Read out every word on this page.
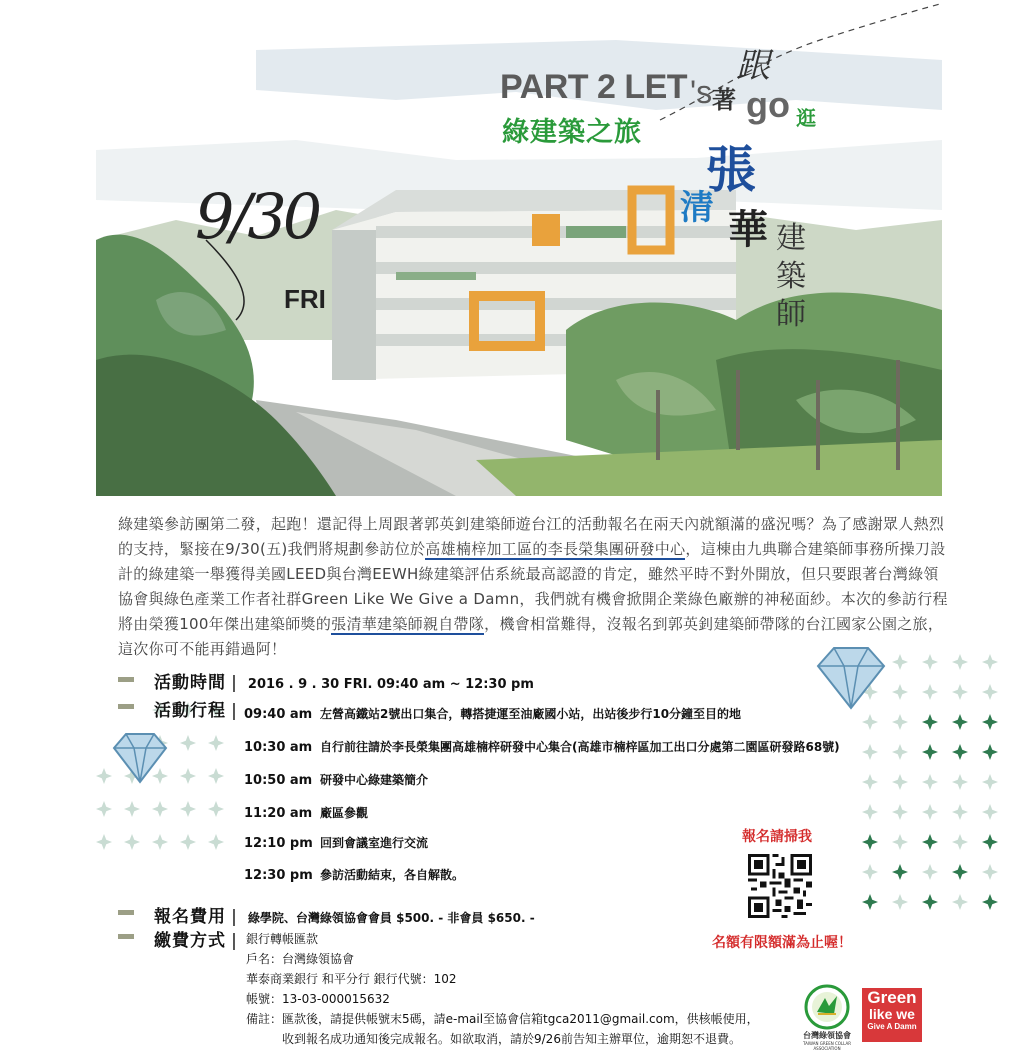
PART 2 LET 's
跟
著 go 逛
綠建築之旅
張
清 華 建築師
9/30
FRI
綠建築參訪團第二發，起跑！還記得上周跟著郭英釗建築師遊台江的活動報名在兩天內就額滿的盛況嗎？為了感謝眾人熱烈的支持，緊接在9/30(五)我們將規劃參訪位於高雄楠梓加工區的李長榮集團研發中心，這棟由九典聯合建築師事務所操刀設計的綠建築一舉獲得美國LEED與台灣EEWH綠建築評估系統最高認證的肯定，雖然平時不對外開放，但只要跟著台灣綠領協會與綠色產業工作者社群Green Like We Give a Damn，我們就有機會掀開企業綠色廠辦的神秘面紗。本次的參訪行程將由榮獲100年傑出建築師獎的張清華建築師親自帶隊，機會相當難得，沒報名到郭英釗建築師帶隊的台江國家公園之旅，這次你可不能再錯過阿！
活動時間 | 2016 . 9 . 30 FRI. 09:40 am ~ 12:30 pm
活動行程 | 09:40 am 左營高鐵站2號出口集合，轉搭捷運至油廠國小站，出站後步行10分鐘至目的地
10:30 am 自行前往請於李長榮集團高雄楠梓研發中心集合(高雄市楠梓區加工出口分處第二園區研發路68號)
10:50 am 研發中心綠建築簡介
11:20 am 廠區參觀
12:10 pm 回到會議室進行交流
12:30 pm 參訪活動結束，各自解散。
報名費用 | 綠學院、台灣綠領協會會員 $500. - 非會員 $650. -
繳費方式 | 銀行轉帳匯款
戶名：台灣綠領協會
華泰商業銀行 和平分行 銀行代號：102
帳號：13-03-000015632
備註：匯款後，請提供帳號末5碼，請e-mail至協會信箱tgca2011@gmail.com，供核帳使用，
收到報名成功通知後完成報名。如欲取消，請於9/26前告知主辦單位，逾期恕不退費。
報名請掃我
名額有限額滿為止喔！
台灣綠領協會
TAIWAN GREEN COLLAR ASSOCIATION
Green
like we
Give A Damn
